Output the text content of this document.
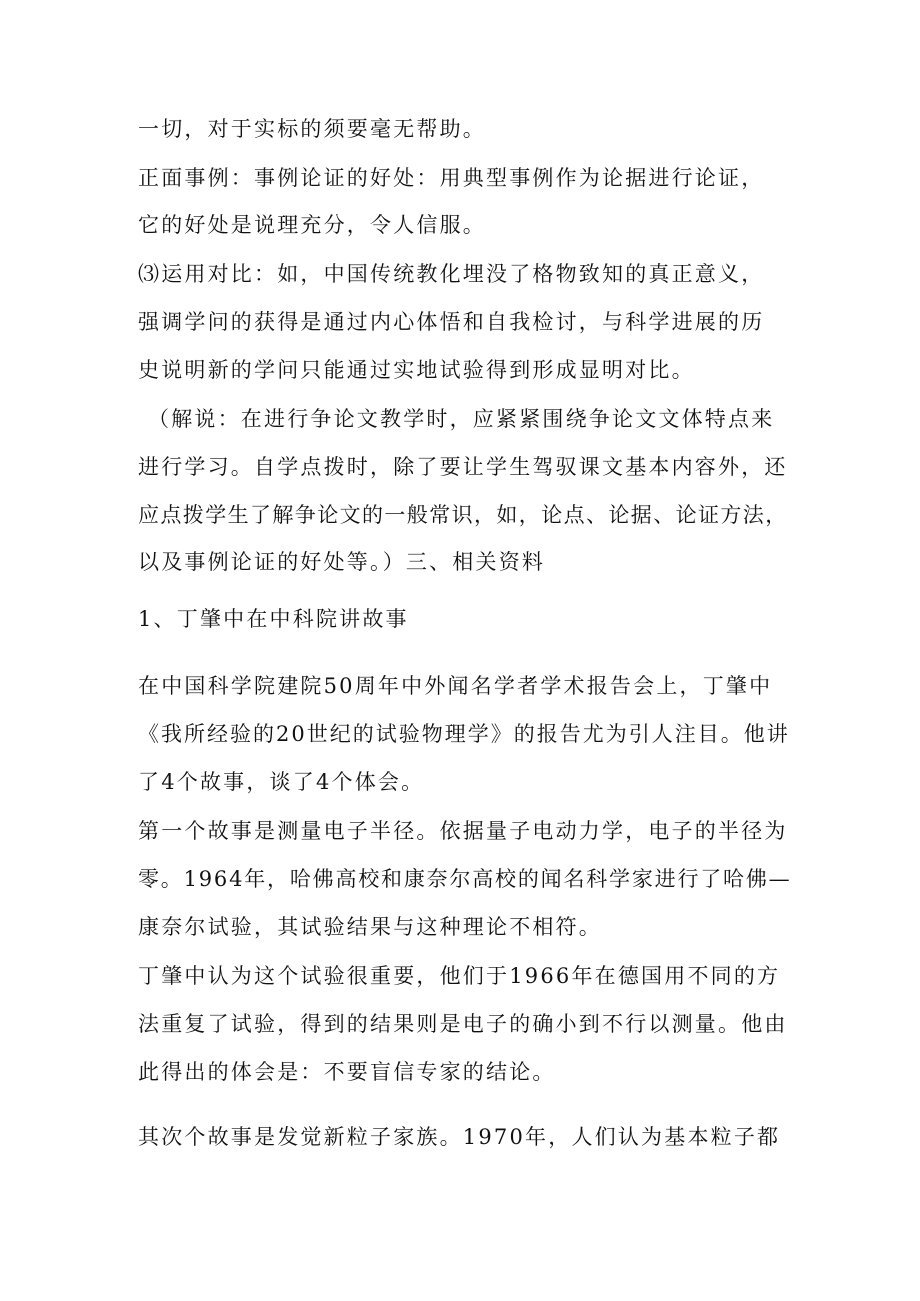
一切，对于实标的须要毫无帮助。
正面事例：事例论证的好处：用典型事例作为论据进行论证，
它的好处是说理充分，令人信服。
⑶运用对比：如，中国传统教化埋没了格物致知的真正意义，
强调学问的获得是通过内心体悟和自我检讨，与科学进展的历
史说明新的学问只能通过实地试验得到形成显明对比。
（解说：在进行争论文教学时，应紧紧围绕争论文文体特点来
进行学习。自学点拨时，除了要让学生驾驭课文基本内容外，还
应点拨学生了解争论文的一般常识，如，论点、论据、论证方法，
以及事例论证的好处等。）三、相关资料
1、丁肇中在中科院讲故事
在中国科学院建院50周年中外闻名学者学术报告会上，丁肇中
《我所经验的20世纪的试验物理学》的报告尤为引人注目。他讲
了4个故事，谈了4个体会。
第一个故事是测量电子半径。依据量子电动力学，电子的半径为
零。1964年，哈佛高校和康奈尔高校的闻名科学家进行了哈佛—
康奈尔试验，其试验结果与这种理论不相符。
丁肇中认为这个试验很重要，他们于1966年在德国用不同的方
法重复了试验，得到的结果则是电子的确小到不行以测量。他由
此得出的体会是：不要盲信专家的结论。
其次个故事是发觉新粒子家族。1970年，人们认为基本粒子都
